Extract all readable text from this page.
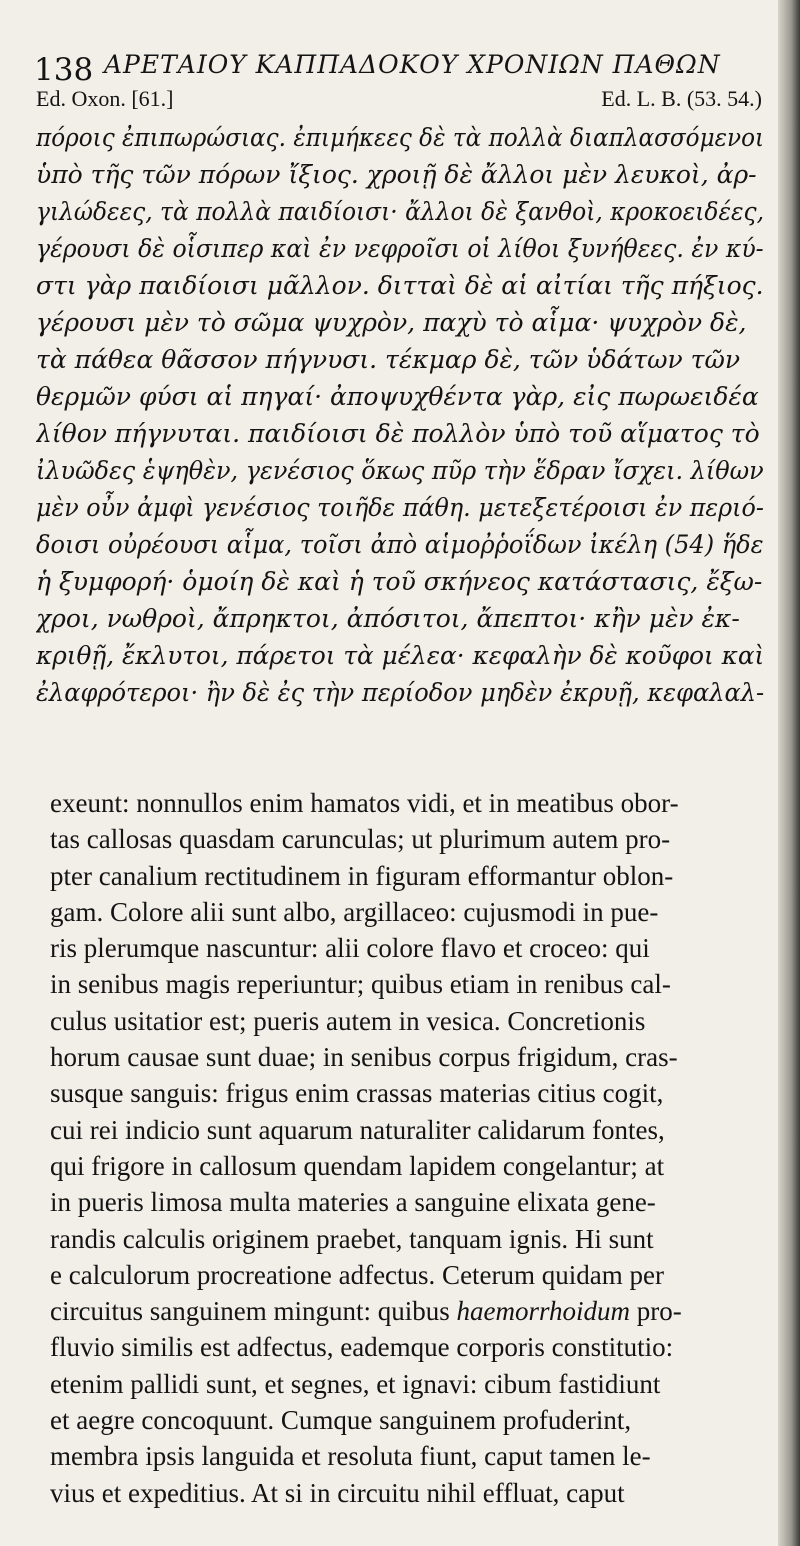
138 ΑΡΕΤΑΙΟΥ ΚΑΠΠΑΔΟΚΟΥ ΧΡΟΝΙΩΝ ΠΑΘΩΝ
Ed. Oxon. [61.]	Ed. L. B. (53. 54.)
πόροις ἐπιπωρώσιας. ἐπιμήκεες δὲ τὰ πολλὰ διαπλασσόμενοι
ὑπὸ τῆς τῶν πόρων ἴξιος. χροιῇ δὲ ἄλλοι μὲν λευκοὶ, ἀρ-
γιλώδεες, τὰ πολλὰ παιδίοισι· ἄλλοι δὲ ξανθοὶ, κροκοειδέες,
γέρουσι δὲ οἷσιπερ καὶ ἐν νεφροῖσι οἱ λίθοι ξυνήθεες. ἐν κύ-
στι γὰρ παιδίοισι μᾶλλον. διτταὶ δὲ αἱ αἰτίαι τῆς πήξιος.
γέρουσι μὲν τὸ σῶμα ψυχρὸν, παχὺ τὸ αἷμα· ψυχρὸν δὲ,
τὰ πάθεα θᾶσσον πήγνυσι. τέκμαρ δὲ, τῶν ὑδάτων τῶν
θερμῶν φύσι αἱ πηγαί· ἀποψυχθέντα γὰρ, εἰς πωρωειδέα
λίθον πήγνυται. παιδίοισι δὲ πολλὸν ὑπὸ τοῦ αἵματος τὸ
ἰλυῶδες ἑψηθὲν, γενέσιος ὅκως πῦρ τὴν ἕδραν ἴσχει. λίθων
μὲν οὖν ἀμφὶ γενέσιος τοιῆδε πάθη. μετεξετέροισι ἐν περιό-
δοισι οὐρέουσι αἷμα, τοῖσι ἀπὸ αἱμοῤῥοΐδων ἰκέλη (54) ἥδε
ἡ ξυμφορή· ὁμοίη δὲ καὶ ἡ τοῦ σκήνεος κατάστασις, ἔξω-
χροι, νωθροὶ, ἄπρηκτοι, ἀπόσιτοι, ἄπεπτοι· κἢν μὲν ἐκ-
κριθῇ, ἔκλυτοι, πάρετοι τὰ μέλεα· κεφαλὴν δὲ κοῦφοι καὶ
ἐλαφρότεροι· ἢν δὲ ἐς τὴν περίοδον μηδὲν ἐκρυῇ, κεφαλαλ-
exeunt: nonnullos enim hamatos vidi, et in meatibus obor-
tas callosas quasdam carunculas; ut plurimum autem pro-
pter canalium rectitudinem in figuram efformantur oblon-
gam. Colore alii sunt albo, argillaceo: cujusmodi in pue-
ris plerumque nascuntur: alii colore flavo et croceo: qui
in senibus magis reperiuntur; quibus etiam in renibus cal-
culus usitatior est; pueris autem in vesica. Concretionis
horum causae sunt duae; in senibus corpus frigidum, cras-
susque sanguis: frigus enim crassas materias citius cogit,
cui rei indicio sunt aquarum naturaliter calidarum fontes,
qui frigore in callosum quendam lapidem congelantur; at
in pueris limosa multa materies a sanguine elixata gene-
randis calculis originem praebet, tanquam ignis. Hi sunt
e calculorum procreatione adfectus. Ceterum quidam per
circuitus sanguinem mingunt: quibus haemorrhoidum pro-
fluvio similis est adfectus, eademque corporis constitutio:
etenim pallidi sunt, et segnes, et ignavi: cibum fastidiunt
et aegre concoquunt. Cumque sanguinem profuderint,
membra ipsis languida et resoluta fiunt, caput tamen le-
vius et expeditius. At si in circuitu nihil effluat, caput
